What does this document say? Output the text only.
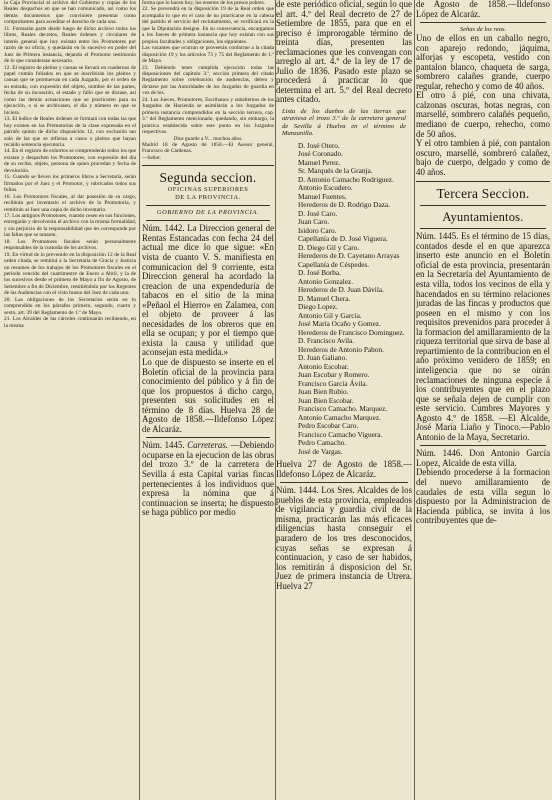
la Caja Provincial al archivo del Gobierno y copias de los Reales despachos en que se han comunicado, así como los demás documentos que conviniere presentar como comprobantes para acreditar el derecho de cada una.

11. Formarán parte desde luego de dicho archivo todos los libros, Reales decretos, Reales órdenes y circulares de interés general que hoy existan entre los Promotores por razón de su oficio, y quedarán en lo sucesivo en poder del Juez de Primera instancia, dejando el Promotor testimonio de lo que considerase necesario.

12. El registro de pleitos y causas se llevará en cuadernos de papel común foliados en que se inscribirán los pleitos y causas que se promuevan en cada Juzgado, por el orden de su entrada, con expresión del objeto, nombre de las partes, fecha de su incoación, el estado y fallo que se dictase, así como las demás actuaciones que se practicaren para su ejecución, o si se archivasen, el día y número en que se hiciera.

13. El índice de Reales órdenes se formará con todas las que hoy existen en las Promotorías de la clase expresada en el párrafo quinto de dicho disposición 12, con exclusión tan solo de las que se refieran a casos o pleitos que hayan recaído sentencia ejecutoria.

14. En el registro de exhortos se comprenderán todos los que existan y despachen los Promotores, con expresión del día de su recibo, objeto, persona de quien procedan y fecha de devolución.

15. Cuando se lleven los primeros libros a Secretaría, serán firmados por el Juez y el Promotor, y rubricados todos sus folios.

16. Los Promotores fiscales, al dar posesión de su cargo, recibirán por inventario el archivo de la Promotoría, y remitirán al Juez una copia de dicho inventario.

17. Los antiguos Promotores, cuando cesen en sus funciones, entregarán y devolverán el archivo con la misma formalidad, y sin perjuicio de la responsabilidad que les corresponde por las faltas que se notaren.

18. Los Promotores fiscales serán personalmente responsables de la custodia de los archivos.

19. En virtud de lo prevenido en la disposición 12 de la Real orden citada, se remitirá a la Secretaría de Gracia y Justicia un resumen de los trabajos de los Promotores fiscales en el período vencido del cuatrimestre de Enero a Abril, y la de los sucesivos desde el primero de Mayo a fin de Agosto, de Setiembre a fin de Diciembre, remitiéndolo por los Regentes de las Audiencias con el visto bueno del Juez de cada uno.

20. Las obligaciones de los Secretarios serán en lo comprendido en los párrafos primero, segundo, cuarto y sexto, art. 39 del Reglamento de 1.º de Mayo.

21. Los Alcaldes de las cárceles continuarán recibiendo, en la misma

forma que lo hacen hoy, los enseres de los presos pobres.

22. Se prevendrá en la disposición 19 de la Real orden que acompaña lo que en el caso de no practicarse en la cabeza del partido el servicio del reclutamiento, se verificará en la que la Diputación designe. En su consecuencia, encargamos a los Jueces de primera instancia que hoy existan con sus propios facultades y obligaciones, los siguientes.

Las vacantes que ocurran se proveerán conforme a la citada disposición 19 y los artículos 73 y 75 del Reglamento de 1.º de Mayo.

23. Debiendo tener cumplida ejecución todas las disposiciones del capítulo 3.º, sección primera del citado Reglamento sobre celebración de audiencias, deben y dictarse por las Autoridades de los Juzgados de guardia en vez de los.

24. Los Jueces, Promotores, Escribanos y subalternos de los Juzgados de Hacienda se asimilarán a los Juzgados de primera instancia comprendidos en la sección tercera, cap. 3.º del Reglamento mencionado, quedando, sin embargo, la práctica establecida sobre este punto en los Juzgados respectivos.

Dios guarde a V... muchos años.

Madrid 18 de Agosto de 1858.—El Asesor general, Francisco de Cárdenas.

—Señor.

Segunda seccion.
OFICINAS SUPERIORES
DE LA PROVINCIA.
GOBIERNO DE LA PROVINCIA.

Núm. 1442. La Direccion general de Rentas Estancadas con fecha 24 del actual me dice lo que sigue: «En vista de cuanto V. S. manifiesta en comunicacion del 9 corriente, esta Direccion general ha acordado la creacion de una expendeduría de tabacos en el sitio de la mina «Peñaol el Hierro» en Zalamea, con el objeto de proveer á las necesidades de los obreros que en ella se ocupan; y por el tiempo que exista la causa y utilidad que aconsejan esta medida.»

Lo que de dispuesto se inserte en el Boletín oficial de la provincia para conocimiento del público y á fin de que los propuestos á dicho cargo, presenten sus solicitudes en el término de 8 días. Huelva 28 de Agosto de 1858.—Ildefonso López de Alcaráz.

Núm. 1445. Carreteras. —Debiendo ocuparse en la ejecucion de las obras del trozo 3.º de la carretera de Sevilla á esta Capital varias fincas pertenecientes á los individuos que expresa la nómina que á continuacion se inserta; he dispuesto se haga público por medio

de este periódico oficial, según lo que el art. 4.º del Real decreto de 27 de Setiembre de 1855, para que en el preciso é improrogable término de treinta días, presenten las reclamaciones que les convengan con arreglo al art. 4.º de la ley de 17 de Julio de 1836. Pasado este plazo se procederá á practicar lo que determina el art. 5.º del Real decreto antes citado.

Lista de los dueños de las tierras que atraviesa el trozo 3.º de la carretera general de Sevilla á Huelva en el término de Manzanilla.

D. José Otero.
José Coronado.
Manuel Perez.
Sr. Marqués de la Granja.
D. Antonio Camacho Rodriguez.
Antonio Escudero.
Manuel Fuentes.
Herederos de D. Rodrigo Daza.
D. José Caro.
Juan Caro.
Isidoro Caro.
Capellanía de D. José Viguera.
D. Diego Gil y Caro.
Herederos de D. Cayetano Arrayas
Capellanía de Céspedes.
D. José Borba.
Antonio Gonzalez.
Herederos de D. Juan Dávila.
D. Manuel Chera.
Diego Lopez.
Antonio Gil y García.
José María Ocaño y Gomez.
Herederos de Francisco Dominguez.
D. Francisco Avila.
Herederos de Antonio Pabon.
D. Juan Galiano.
Antonio Escobar.
Juan Escobar y Romero.
Francisco García Ávila.
Juan Bien Rubio.
Juan Bien Escobar.
Francisco Camacho. Marquez.
Antonio Camacho Marquez.
Pedro Escobar Caro.
Francisco Camacho Viguera.
Pedro Camacho.
José de Vargas.

Huelva 27 de Agosto de 1858.—Ildefonso López de Alcaráz.

Núm. 1444. Los Sres. Alcaldes de los pueblos de esta provincia, empleados de vigilancia y guardia civil de la misma, practicarán las más eficaces diligencias hasta conseguir el paradero de los tres desconocidos, cuyas señas se expresan á continuacion, y caso de ser habidos, los remitirán á disposicion del Sr. Juez de primera instancia de Utrera. Huelva 27

de Agosto de 1858.—Ildefonso López de Alcaráz.

Señas de los reos.

Uno de ellos en un caballo negro, con aparejo redondo, jáquima, alforjas y escopeta, vestido con pantalon blanco, chaqueta de sarga, sombrero calañes grande, cuerpo regular, rehecho y como de 40 años.

El otro á pié, con una chivata, calzonas oscuras, botas negras, con marsellé, sombrero calañés pequeño, mediano de cuerpo, rehecho, como de 50 años.

Y el otro tambien á pié, con pantalon oscuro, marsellé, sombreró calañez, bajo de cuerpo, delgado y como de 40 años.

Tercera Seccion.
Ayuntamientos.

Núm. 1445. Es el término de 15 días, contados desde el en que aparezca inserto este anuncio en el Boletín oficial de esta provincia, presentarán en la Secretaría del Ayuntamiento de esta villa, todos los vecinos de ella y hacendados en su término relaciones juradas de las fincas y productos que poseen en el mismo y con los requisitos prevenidos para proceder á la formacion del amillaramiento de la riqueza territorial que sirva de base al repartimiento de la contribucion en el año próximo venidero de 1859; en inteligencia que no se oirán reclamaciones de ninguna especie á los contribuyentes que en el plazo que se señala dejen de cumplir con este servicio. Cumbres Mayores y Agosto 4.º de 1858. —El Alcalde, José María Liaño y Tinoco.—Pablo Antonio de la Maya, Secretario.

Núm. 1446. Don Antonio García Lopez, Alcalde de esta villa.

Debiendo procederse á la formacion del nuevo amillaramiento de caudales de esta villa segun lo dispuesto por la Administracion de Hacienda pública, se invita á los contribuyentes que de-
